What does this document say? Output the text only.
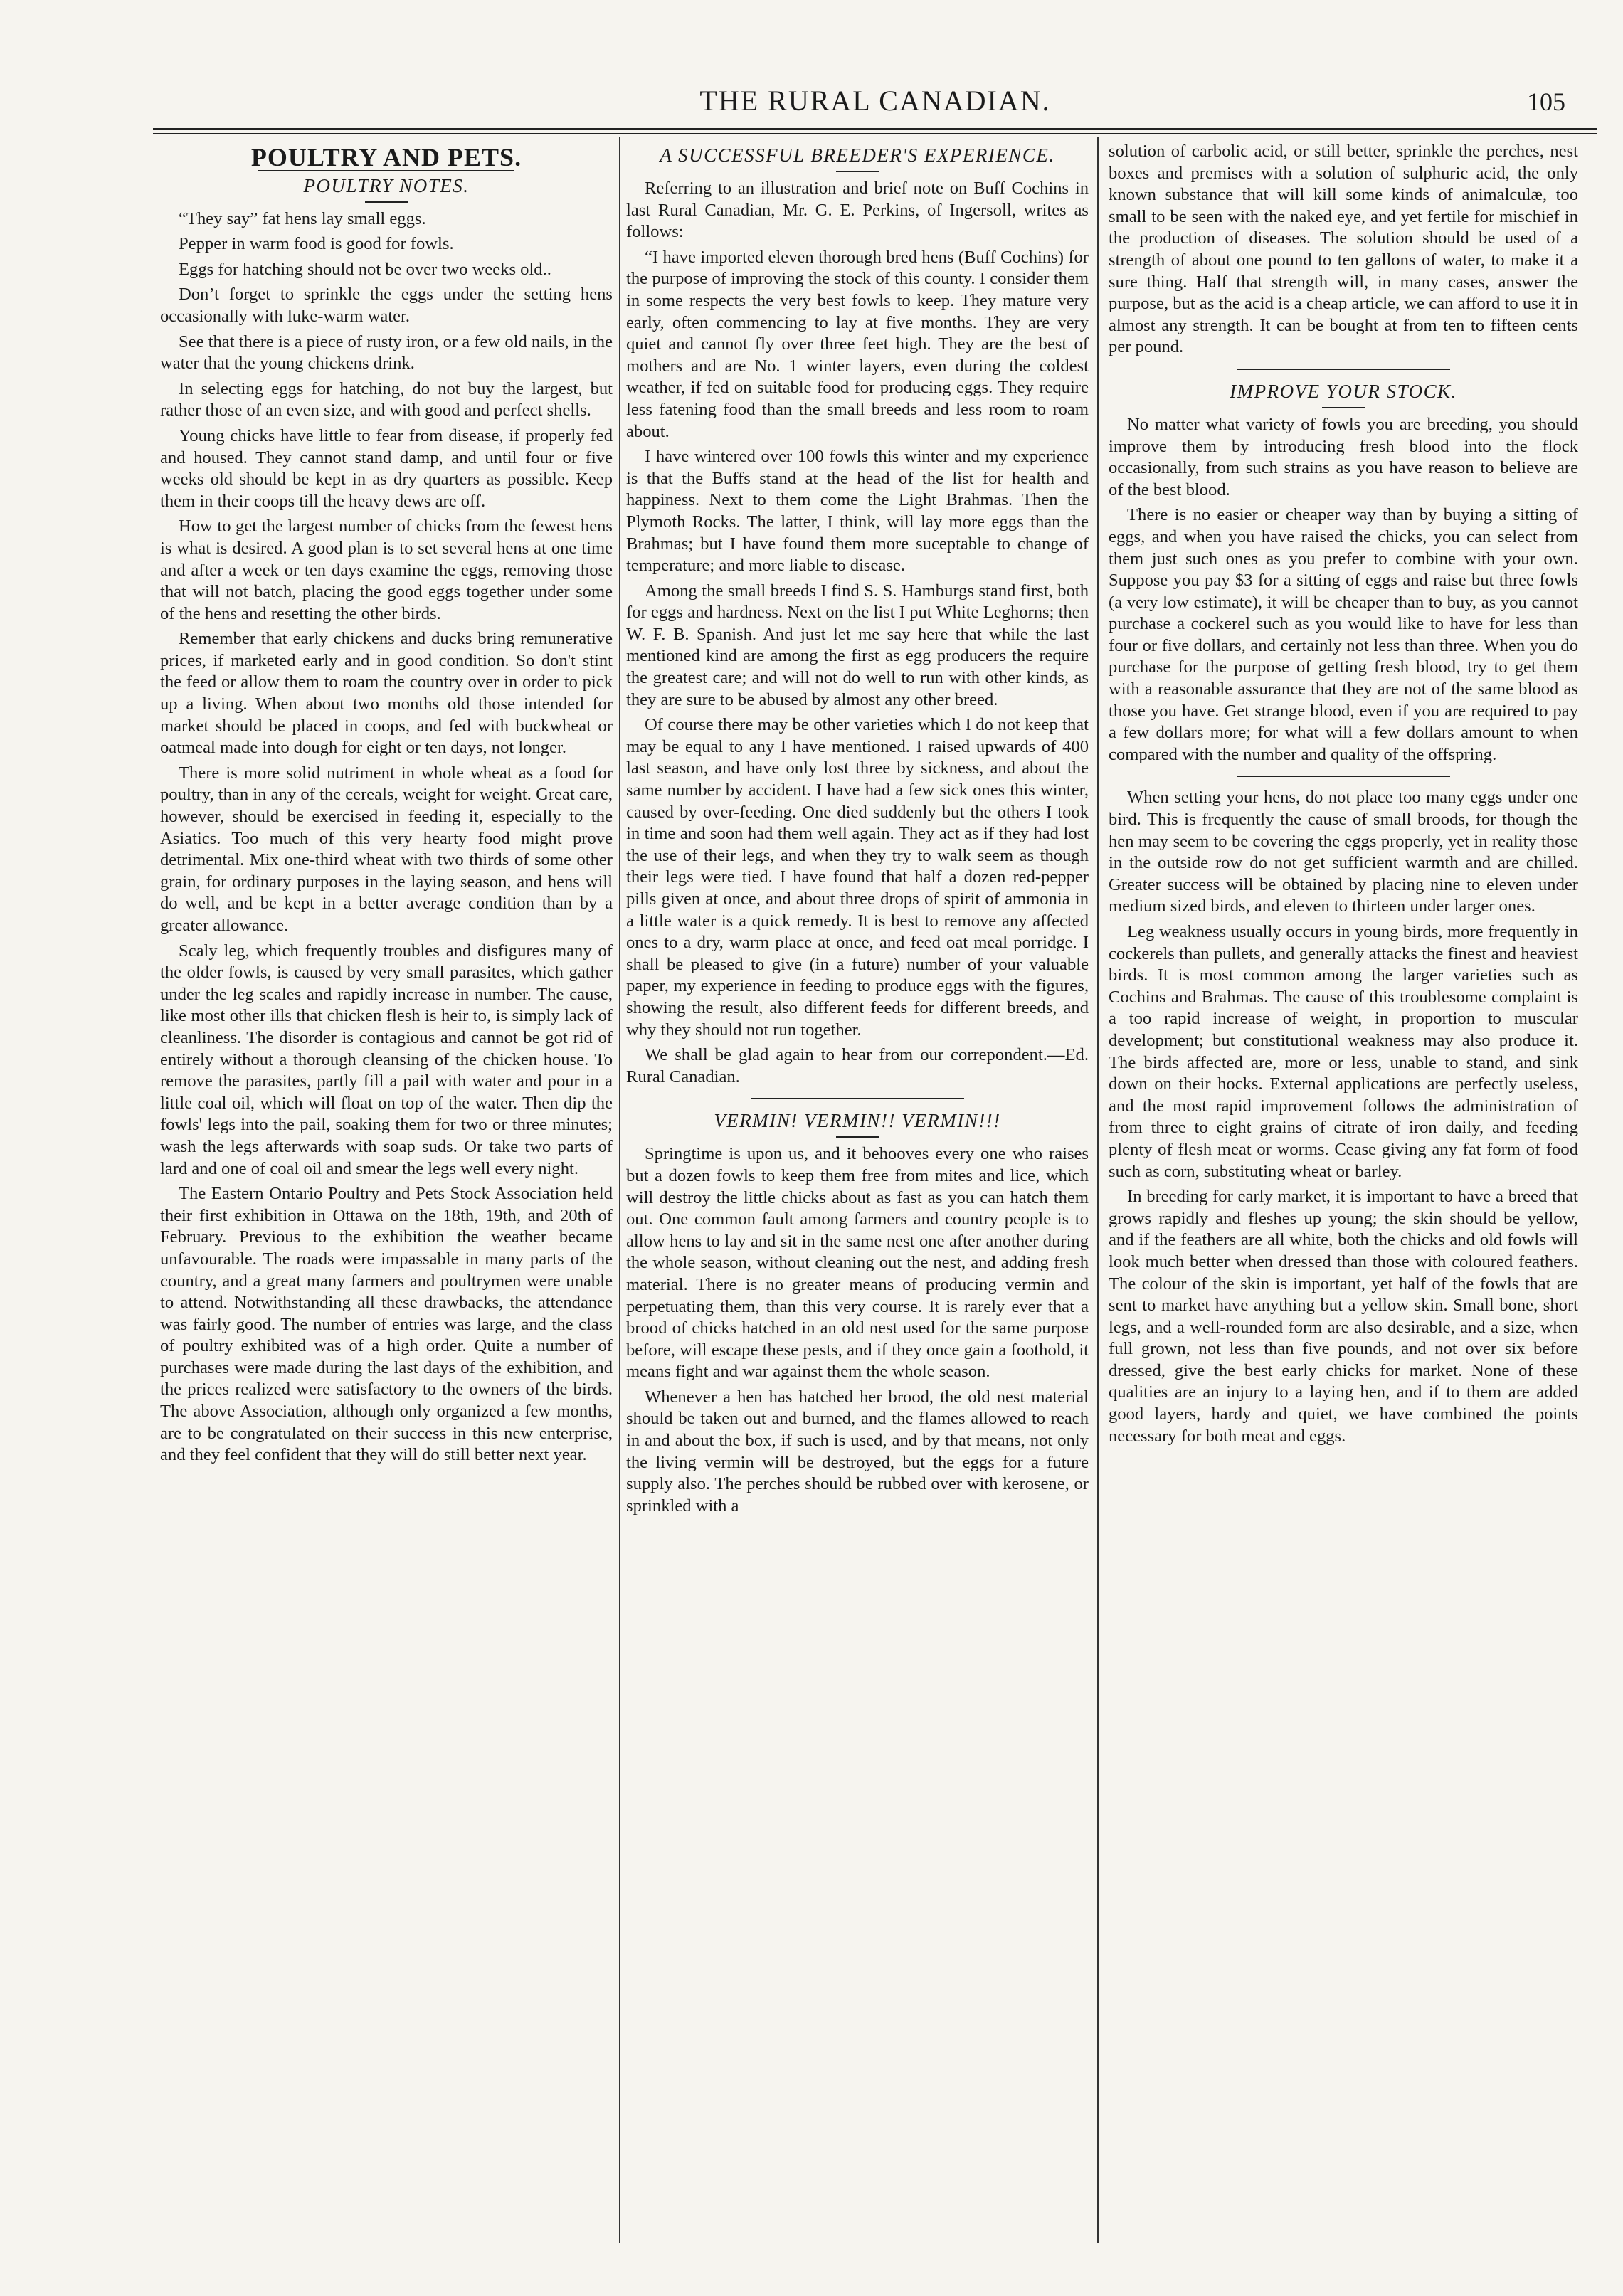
THE RURAL CANADIAN.	105
POULTRY AND PETS.
POULTRY NOTES.

“They say” fat hens lay small eggs.

Pepper in warm food is good for fowls.

Eggs for hatching should not be over two weeks old..

Don’t forget to sprinkle the eggs under the setting hens occasionally with luke-warm water.

See that there is a piece of rusty iron, or a few old nails, in the water that the young chickens drink.

In selecting eggs for hatching, do not buy the largest, but rather those of an even size, and with good and perfect shells.

Young chicks have little to fear from disease, if properly fed and housed. They cannot stand damp, and until four or five weeks old should be kept in as dry quarters as possible. Keep them in their coops till the heavy dews are off.

How to get the largest number of chicks from the fewest hens is what is desired. A good plan is to set several hens at one time and after a week or ten days examine the eggs, removing those that will not batch, placing the good eggs together under some of the hens and resetting the other birds.

Remember that early chickens and ducks bring remunerative prices, if marketed early and in good condition. So don't stint the feed or allow them to roam the country over in order to pick up a living. When about two months old those intended for market should be placed in coops, and fed with buckwheat or oatmeal made into dough for eight or ten days, not longer.

There is more solid nutriment in whole wheat as a food for poultry, than in any of the cereals, weight for weight. Great care, however, should be exercised in feeding it, especially to the Asiatics. Too much of this very hearty food might prove detrimental. Mix one-third wheat with two thirds of some other grain, for ordinary purposes in the laying season, and hens will do well, and be kept in a better average condition than by a greater allowance.

Scaly leg, which frequently troubles and disfigures many of the older fowls, is caused by very small parasites, which gather under the leg scales and rapidly increase in number. The cause, like most other ills that chicken flesh is heir to, is simply lack of cleanliness. The disorder is contagious and cannot be got rid of entirely without a thorough cleansing of the chicken house. To remove the parasites, partly fill a pail with water and pour in a little coal oil, which will float on top of the water. Then dip the fowls' legs into the pail, soaking them for two or three minutes; wash the legs afterwards with soap suds. Or take two parts of lard and one of coal oil and smear the legs well every night.

The Eastern Ontario Poultry and Pets Stock Association held their first exhibition in Ottawa on the 18th, 19th, and 20th of February. Previous to the exhibition the weather became unfavourable. The roads were impassable in many parts of the country, and a great many farmers and poultrymen were unable to attend. Notwithstanding all these drawbacks, the attendance was fairly good. The number of entries was large, and the class of poultry exhibited was of a high order. Quite a number of purchases were made during the last days of the exhibition, and the prices realized were satisfactory to the owners of the birds. The above Association, although only organized a few months, are to be congratulated on their success in this new enterprise, and they feel confident that they will do still better next year.

A SUCCESSFUL BREEDER'S EXPERIENCE.

Referring to an illustration and brief note on Buff Cochins in last Rural Canadian, Mr. G. E. Perkins, of Ingersoll, writes as follows:

“I have imported eleven thorough bred hens (Buff Cochins) for the purpose of improving the stock of this county. I consider them in some respects the very best fowls to keep. They mature very early, often commencing to lay at five months. They are very quiet and cannot fly over three feet high. They are the best of mothers and are No. 1 winter layers, even during the coldest weather, if fed on suitable food for producing eggs. They require less fatening food than the small breeds and less room to roam about.

I have wintered over 100 fowls this winter and my experience is that the Buffs stand at the head of the list for health and happiness. Next to them come the Light Brahmas. Then the Plymoth Rocks. The latter, I think, will lay more eggs than the Brahmas; but I have found them more suceptable to change of temperature; and more liable to disease.

Among the small breeds I find S. S. Hamburgs stand first, both for eggs and hardness. Next on the list I put White Leghorns; then W. F. B. Spanish. And just let me say here that while the last mentioned kind are among the first as egg producers the require the greatest care; and will not do well to run with other kinds, as they are sure to be abused by almost any other breed.

Of course there may be other varieties which I do not keep that may be equal to any I have mentioned. I raised upwards of 400 last season, and have only lost three by sickness, and about the same number by accident. I have had a few sick ones this winter, caused by over-feeding. One died suddenly but the others I took in time and soon had them well again. They act as if they had lost the use of their legs, and when they try to walk seem as though their legs were tied. I have found that half a dozen red-pepper pills given at once, and about three drops of spirit of ammonia in a little water is a quick remedy. It is best to remove any affected ones to a dry, warm place at once, and feed oat meal porridge. I shall be pleased to give (in a future) number of your valuable paper, my experience in feeding to produce eggs with the figures, showing the result, also different feeds for different breeds, and why they should not run together.

We shall be glad again to hear from our correpondent.—Ed. Rural Canadian.

VERMIN! VERMIN!! VERMIN!!!

Springtime is upon us, and it behooves every one who raises but a dozen fowls to keep them free from mites and lice, which will destroy the little chicks about as fast as you can hatch them out. One common fault among farmers and country people is to allow hens to lay and sit in the same nest one after another during the whole season, without cleaning out the nest, and adding fresh material. There is no greater means of producing vermin and perpetuating them, than this very course. It is rarely ever that a brood of chicks hatched in an old nest used for the same purpose before, will escape these pests, and if they once gain a foothold, it means fight and war against them the whole season.

Whenever a hen has hatched her brood, the old nest material should be taken out and burned, and the flames allowed to reach in and about the box, if such is used, and by that means, not only the living vermin will be destroyed, but the eggs for a future supply also. The perches should be rubbed over with kerosene, or sprinkled with a

solution of carbolic acid, or still better, sprinkle the perches, nest boxes and premises with a solution of sulphuric acid, the only known substance that will kill some kinds of animalculæ, too small to be seen with the naked eye, and yet fertile for mischief in the production of diseases. The solution should be used of a strength of about one pound to ten gallons of water, to make it a sure thing. Half that strength will, in many cases, answer the purpose, but as the acid is a cheap article, we can afford to use it in almost any strength. It can be bought at from ten to fifteen cents per pound.

IMPROVE YOUR STOCK.

No matter what variety of fowls you are breeding, you should improve them by introducing fresh blood into the flock occasionally, from such strains as you have reason to believe are of the best blood.

There is no easier or cheaper way than by buying a sitting of eggs, and when you have raised the chicks, you can select from them just such ones as you prefer to combine with your own. Suppose you pay $3 for a sitting of eggs and raise but three fowls (a very low estimate), it will be cheaper than to buy, as you cannot purchase a cockerel such as you would like to have for less than four or five dollars, and certainly not less than three. When you do purchase for the purpose of getting fresh blood, try to get them with a reasonable assurance that they are not of the same blood as those you have. Get strange blood, even if you are required to pay a few dollars more; for what will a few dollars amount to when compared with the number and quality of the offspring.

When setting your hens, do not place too many eggs under one bird. This is frequently the cause of small broods, for though the hen may seem to be covering the eggs properly, yet in reality those in the outside row do not get sufficient warmth and are chilled. Greater success will be obtained by placing nine to eleven under medium sized birds, and eleven to thirteen under larger ones.

Leg weakness usually occurs in young birds, more frequently in cockerels than pullets, and generally attacks the finest and heaviest birds. It is most common among the larger varieties such as Cochins and Brahmas. The cause of this troublesome complaint is a too rapid increase of weight, in proportion to muscular development; but constitutional weakness may also produce it. The birds affected are, more or less, unable to stand, and sink down on their hocks. External applications are perfectly useless, and the most rapid improvement follows the administration of from three to eight grains of citrate of iron daily, and feeding plenty of flesh meat or worms. Cease giving any fat form of food such as corn, substituting wheat or barley.

In breeding for early market, it is important to have a breed that grows rapidly and fleshes up young; the skin should be yellow, and if the feathers are all white, both the chicks and old fowls will look much better when dressed than those with coloured feathers. The colour of the skin is important, yet half of the fowls that are sent to market have anything but a yellow skin. Small bone, short legs, and a well-rounded form are also desirable, and a size, when full grown, not less than five pounds, and not over six before dressed, give the best early chicks for market. None of these qualities are an injury to a laying hen, and if to them are added good layers, hardy and quiet, we have combined the points necessary for both meat and eggs.
